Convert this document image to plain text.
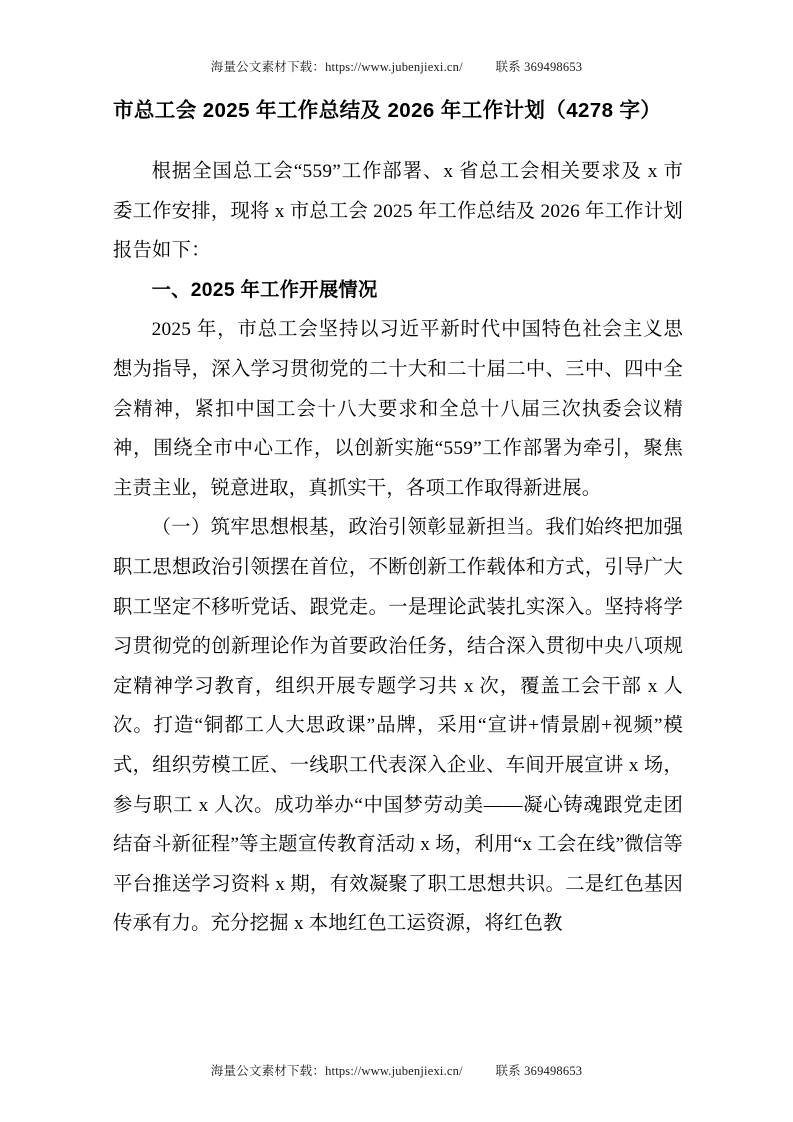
海量公文素材下载：https://www.jubenjiexi.cn/	联系 369498653
市总工会 2025 年工作总结及 2026 年工作计划（4278 字）

根据全国总工会“559”工作部署、x 省总工会相关要求及 x 市委工作安排，现将 x 市总工会 2025 年工作总结及 2026 年工作计划报告如下：

一、2025 年工作开展情况

2025 年，市总工会坚持以习近平新时代中国特色社会主义思想为指导，深入学习贯彻党的二十大和二十届二中、三中、四中全会精神，紧扣中国工会十八大要求和全总十八届三次执委会议精神，围绕全市中心工作，以创新实施“559”工作部署为牵引，聚焦主责主业，锐意进取，真抓实干，各项工作取得新进展。

（一）筑牢思想根基，政治引领彰显新担当。我们始终把加强职工思想政治引领摆在首位，不断创新工作载体和方式，引导广大职工坚定不移听党话、跟党走。一是理论武装扎实深入。坚持将学习贯彻党的创新理论作为首要政治任务，结合深入贯彻中央八项规定精神学习教育，组织开展专题学习共 x 次，覆盖工会干部 x 人次。打造“铜都工人大思政课”品牌，采用“宣讲+情景剧+视频”模式，组织劳模工匠、一线职工代表深入企业、车间开展宣讲 x 场，参与职工 x 人次。成功举办“中国梦劳动美——凝心铸魂跟党走团结奋斗新征程”等主题宣传教育活动 x 场，利用“x 工会在线”微信等平台推送学习资料 x 期，有效凝聚了职工思想共识。二是红色基因传承有力。充分挖掘 x 本地红色工运资源，将红色教

海量公文素材下载：https://www.jubenjiexi.cn/	联系 369498653
